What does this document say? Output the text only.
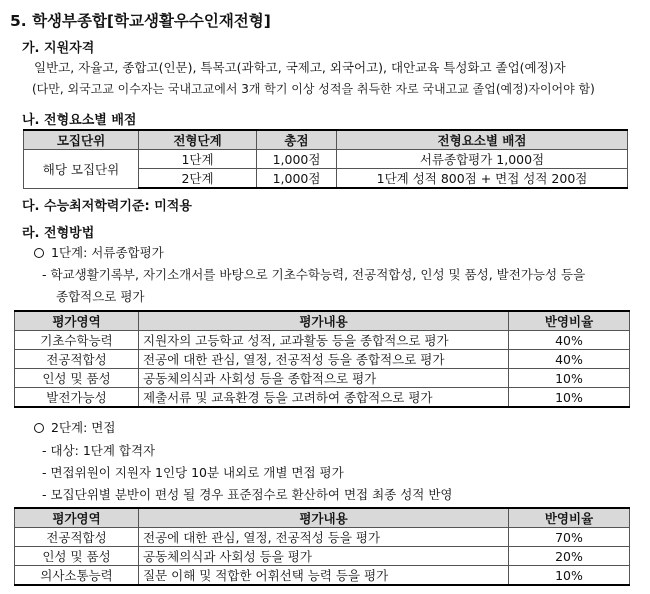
5. 학생부종합[학교생활우수인재전형]
가. 지원자격
일반고, 자율고, 종합고(인문), 특목고(과학고, 국제고, 외국어고), 대안교육 특성화고 졸업(예정)자
(다만, 외국고교 이수자는 국내고교에서 3개 학기 이상 성적을 취득한 자로 국내고교 졸업(예정)자이어야 함)
나. 전형요소별 배점
모집단위	전형단계	총점	전형요소별 배점
해당 모집단위	1단계	1,000점	서류종합평가 1,000점
	2단계	1,000점	1단계 성적 800점 + 면접 성적 200점
다. 수능최저학력기준: 미적용
라. 전형방법
1단계: 서류종합평가
- 학교생활기록부, 자기소개서를 바탕으로 기초수학능력, 전공적합성, 인성 및 품성, 발전가능성 등을
종합적으로 평가
평가영역	평가내용	반영비율
기초수학능력	지원자의 고등학교 성적, 교과활동 등을 종합적으로 평가	40%
전공적합성	전공에 대한 관심, 열정, 전공적성 등을 종합적으로 평가	40%
인성 및 품성	공동체의식과 사회성 등을 종합적으로 평가	10%
발전가능성	제출서류 및 교육환경 등을 고려하여 종합적으로 평가	10%
2단계: 면접
- 대상: 1단계 합격자
- 면접위원이 지원자 1인당 10분 내외로 개별 면접 평가
- 모집단위별 분반이 편성 될 경우 표준점수로 환산하여 면접 최종 성적 반영
평가영역	평가내용	반영비율
전공적합성	전공에 대한 관심, 열정, 전공적성 등을 평가	70%
인성 및 품성	공동체의식과 사회성 등을 평가	20%
의사소통능력	질문 이해 및 적합한 어휘선택 능력 등을 평가	10%
